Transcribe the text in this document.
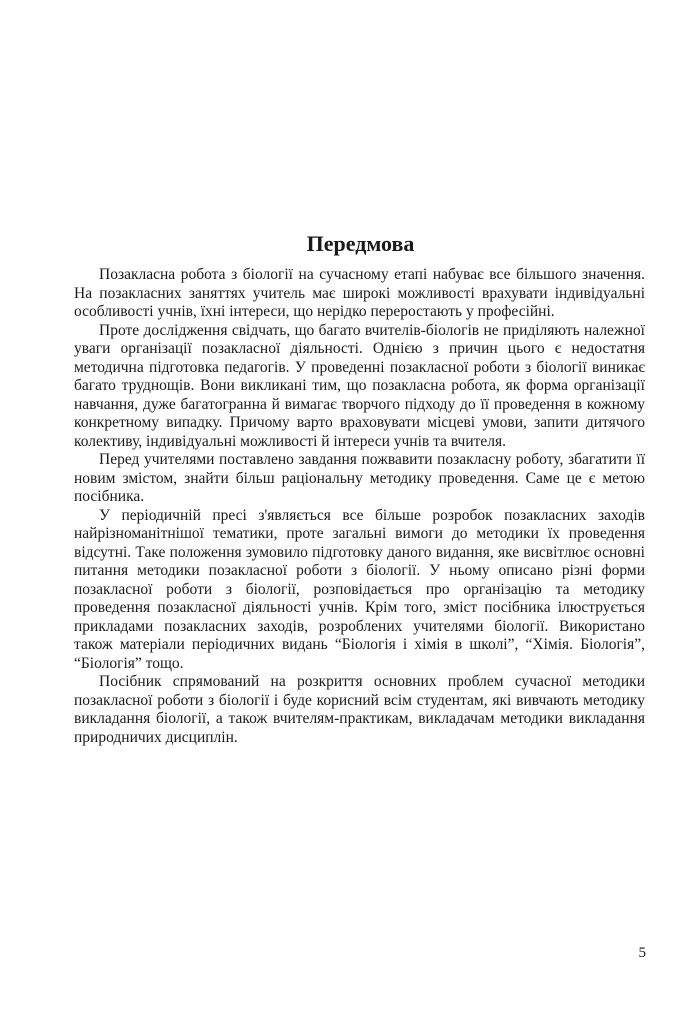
Передмова

Позакласна робота з біології на сучасному етапі набуває все більшого значення. На позакласних заняттях учитель має широкі можливості врахувати індивідуальні особливості учнів, їхні інтереси, що нерідко переростають у професійні.

Проте дослідження свідчать, що багато вчителів-біологів не приділяють належної уваги організації позакласної діяльності. Однією з причин цього є недостатня методична підготовка педагогів. У проведенні позакласної роботи з біології виникає багато труднощів. Вони викликані тим, що позакласна робота, як форма організації навчання, дуже багатогранна й вимагає творчого підходу до її проведення в кожному конкретному випадку. Причому варто враховувати місцеві умови, запити дитячого колективу, індивідуальні можливості й інтереси учнів та вчителя.

Перед учителями поставлено завдання пожвавити позакласну роботу, збагатити її новим змістом, знайти більш раціональну методику проведення. Саме це є метою посібника.

У періодичній пресі з'являється все більше розробок позакласних заходів найрізноманітнішої тематики, проте загальні вимоги до методики їх проведення відсутні. Таке положення зумовило підготовку даного видання, яке висвітлює основні питання методики позакласної роботи з біології. У ньому описано різні форми позакласної роботи з біології, розповідається про організацію та методику проведення позакласної діяльності учнів. Крім того, зміст посібника ілюструється прикладами позакласних заходів, розроблених учителями біології. Використано також матеріали періодичних видань “Біологія і хімія в школі”, “Хімія. Біологія”, “Біологія” тощо.

Посібник спрямований на розкриття основних проблем сучасної методики позакласної роботи з біології і буде корисний всім студентам, які вивчають методику викладання біології, а також вчителям-практикам, викладачам методики викладання природничих дисциплін.

5
